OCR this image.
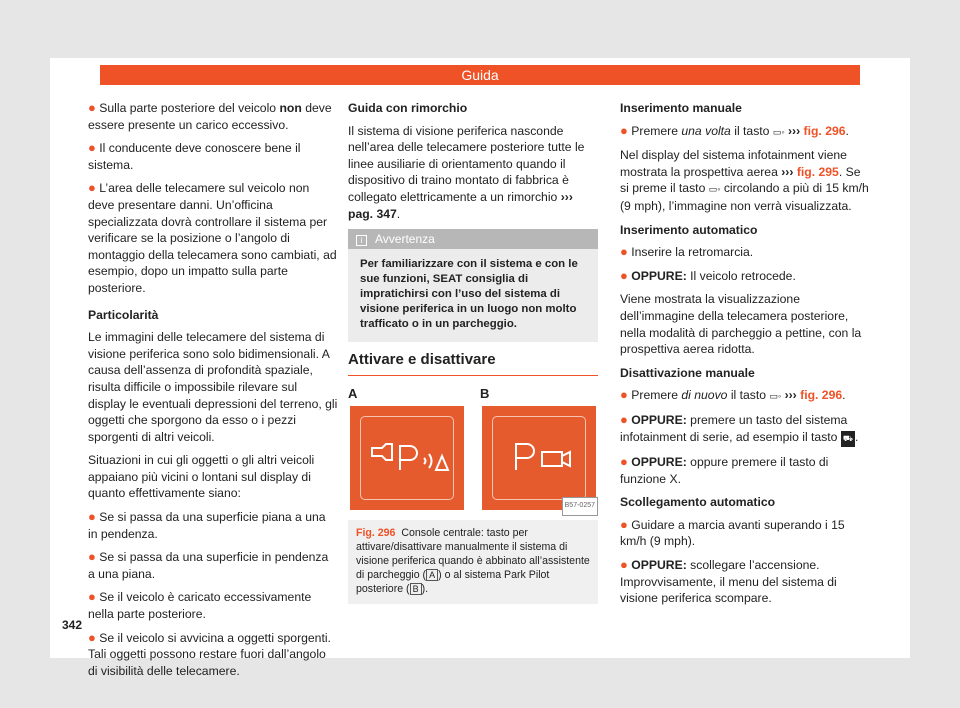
Guida
● Sulla parte posteriore del veicolo non deve essere presente un carico eccessivo.
● Il conducente deve conoscere bene il sistema.
● L’area delle telecamere sul veicolo non deve presentare danni. Un’officina specializzata dovrà controllare il sistema per verificare se la posizione o l’angolo di montaggio della telecamera sono cambiati, ad esempio, dopo un impatto sulla parte posteriore.
Particolarità

Le immagini delle telecamere del sistema di visione periferica sono solo bidimensionali. A causa dell’assenza di profondità spaziale, risulta difficile o impossibile rilevare sul display le eventuali depressioni del terreno, gli oggetti che sporgono da esso o i pezzi sporgenti di altri veicoli.

Situazioni in cui gli oggetti o gli altri veicoli appaiano più vicini o lontani sul display di quanto effettivamente siano:

● Se si passa da una superficie piana a una in pendenza.
● Se si passa da una superficie in pendenza a una piana.
● Se il veicolo è caricato eccessivamente nella parte posteriore.
● Se il veicolo si avvicina a oggetti sporgenti. Tali oggetti possono restare fuori dall’angolo di visibilità delle telecamere.
Guida con rimorchio

Il sistema di visione periferica nasconde nell’area delle telecamere posteriore tutte le linee ausiliarie di orientamento quando il dispositivo di traino montato di fabbrica è collegato elettricamente a un rimorchio ››› pag. 347.

i Avvertenza
Per familiarizzare con il sistema e con le sue funzioni, SEAT consiglia di impratichirsi con l’uso del sistema di visione periferica in un luogo non molto trafficato o in un parcheggio.
Attivare e disattivare
A	B
B57-0257
Fig. 296 Console centrale: tasto per attivare/disattivare manualmente il sistema di visione periferica quando è abbinato all’assistente di parcheggio ( A ) o al sistema Park Pilot posteriore ( B ).
Inserimento manuale
● Premere una volta il tasto ▭◦ ››› fig. 296.

Nel display del sistema infotainment viene mostrata la prospettiva aerea ››› fig. 295. Se si preme il tasto ▭◦ circolando a più di 15 km/h (9 mph), l’immagine non verrà visualizzata.

Inserimento automatico
● Inserire la retromarcia.
● OPPURE: Il veicolo retrocede.

Viene mostrata la visualizzazione dell’immagine della telecamera posteriore, nella modalità di parcheggio a pettine, con la prospettiva aerea ridotta.

Disattivazione manuale
● Premere di nuovo il tasto ▭◦ ››› fig. 296.
● OPPURE: premere un tasto del sistema infotainment di serie, ad esempio il tasto ⛟ .
● OPPURE: oppure premere il tasto di funzione X.
Scollegamento automatico
● Guidare a marcia avanti superando i 15 km/h (9 mph).
● OPPURE: scollegare l’accensione. Improvvisamente, il menu del sistema di visione periferica scompare.
342
